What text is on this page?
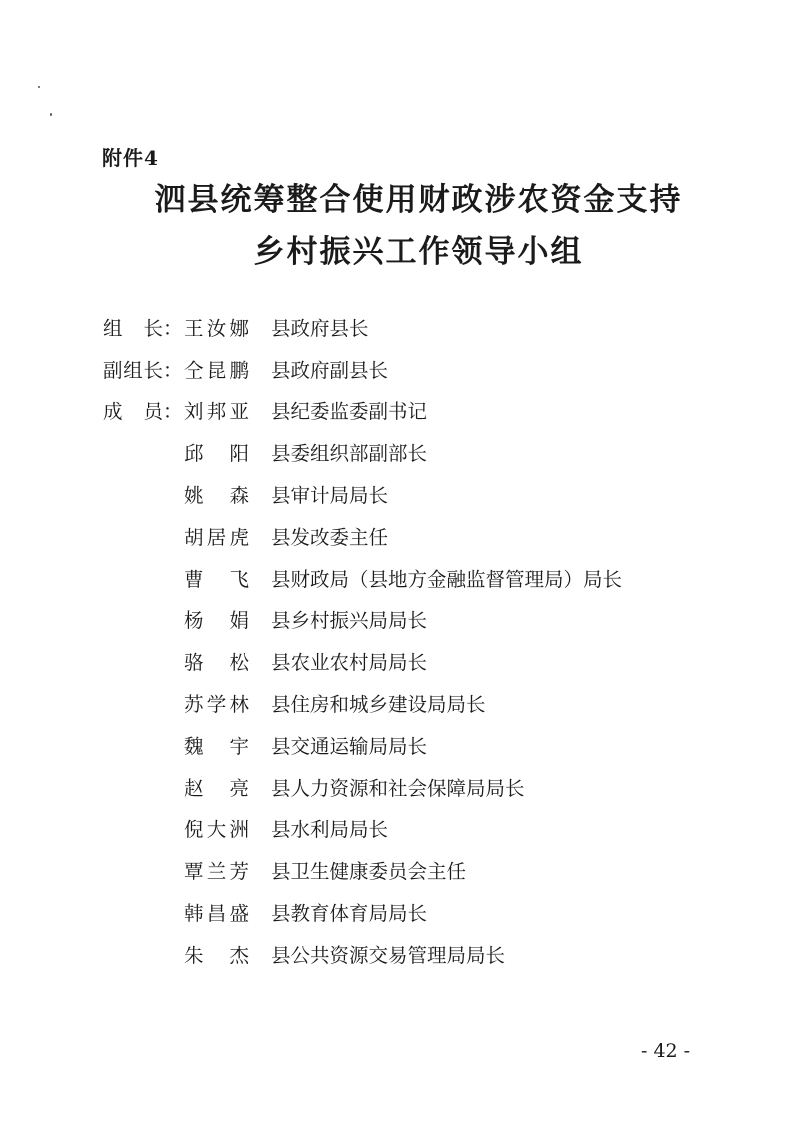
附件4
泗县统筹整合使用财政涉农资金支持
乡村振兴工作领导小组
组 长 ： 王 汝 娜 县政府县长
副 组 长 ： 仝 昆 鹏 县政府副县长
成 员 ： 刘 邦 亚 县纪委监委副书记
邱 阳 县委组织部副部长
姚 森 县审计局局长
胡 居 虎 县发改委主任
曹 飞 县财政局（县地方金融监督管理局）局长
杨 娟 县乡村振兴局局长
骆 松 县农业农村局局长
苏 学 林 县住房和城乡建设局局长
魏 宇 县交通运输局局长
赵 亮 县人力资源和社会保障局局长
倪 大 洲 县水利局局长
覃 兰 芳 县卫生健康委员会主任
韩 昌 盛 县教育体育局局长
朱 杰 县公共资源交易管理局局长
- 42 -
